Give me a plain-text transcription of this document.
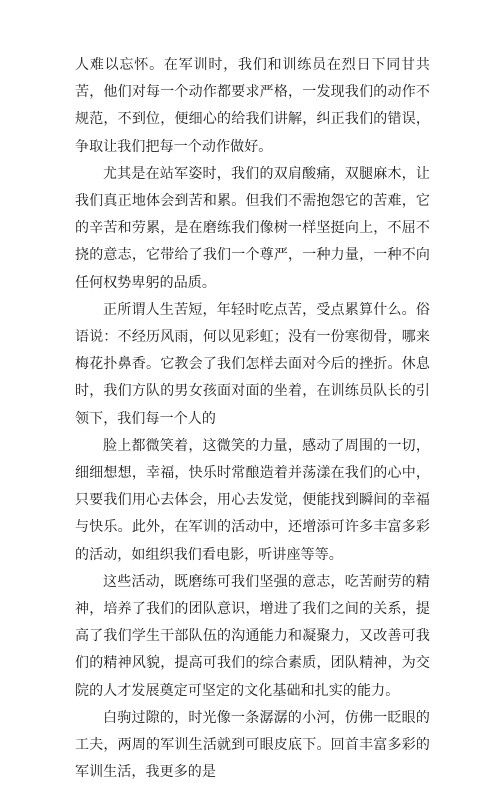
人难以忘怀。在军训时，我们和训练员在烈日下同甘共苦，他们对每一个动作都要求严格，一发现我们的动作不规范，不到位，便细心的给我们讲解，纠正我们的错误，争取让我们把每一个动作做好。

尤其是在站军姿时，我们的双肩酸痛，双腿麻木，让我们真正地体会到苦和累。但我们不需抱怨它的苦难，它的辛苦和劳累，是在磨练我们像树一样坚挺向上，不屈不挠的意志，它带给了我们一个尊严，一种力量，一种不向任何权势卑躬的品质。

正所谓人生苦短，年轻时吃点苦，受点累算什么。俗语说：不经历风雨，何以见彩虹；没有一份寒彻骨，哪来梅花扑鼻香。它教会了我们怎样去面对今后的挫折。休息时，我们方队的男女孩面对面的坐着，在训练员队长的引领下，我们每一个人的

脸上都微笑着，这微笑的力量，感动了周围的一切，细细想想，幸福，快乐时常酿造着并荡漾在我们的心中，只要我们用心去体会，用心去发觉，便能找到瞬间的幸福与快乐。此外，在军训的活动中，还增添可许多丰富多彩的活动，如组织我们看电影，听讲座等等。

这些活动，既磨练可我们坚强的意志，吃苦耐劳的精神，培养了我们的团队意识，增进了我们之间的关系，提高了我们学生干部队伍的沟通能力和凝聚力，又改善可我们的精神风貌，提高可我们的综合素质，团队精神，为交院的人才发展奠定可坚定的文化基础和扎实的能力。

白驹过隙的，时光像一条潺潺的小河，仿佛一眨眼的工夫，两周的军训生活就到可眼皮底下。回首丰富多彩的军训生活，我更多的是
